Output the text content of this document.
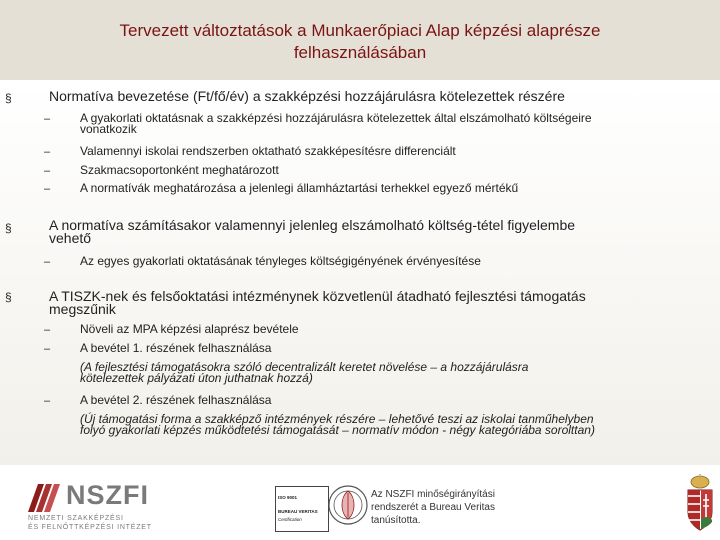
Tervezett változtatások a Munkaerőpiaci Alap képzési alaprésze
felhasználásában
§	Normatíva bevezetése (Ft/fő/év) a szakképzési hozzájárulásra kötelezettek részére
– A gyakorlati oktatásnak a szakképzési hozzájárulásra kötelezettek által elszámolható költségeire
vonatkozik
– Valamennyi iskolai rendszerben oktatható szakképesítésre differenciált
– Szakmacsoportonként meghatározott
– A normatívák meghatározása a jelenlegi államháztartási terhekkel egyező mértékű
§	A normatíva számításakor valamennyi jelenleg elszámolható költség-tétel figyelembe
vehető
– Az egyes gyakorlati oktatásának tényleges költségigényének érvényesítése
§	A TISZK-nek és felsőoktatási intézménynek közvetlenül átadható fejlesztési támogatás
megszűnik
– Növeli az MPA képzési alaprész bevétele
– A bevétel 1. részének felhasználása
(A fejlesztési támogatásokra szóló decentralizált keretet növelése – a hozzájárulásra
kötelezettek pályázati úton juthatnak hozzá)
– A bevétel 2. részének felhasználása
(Új támogatási forma a szakképző intézmények részére – lehetővé teszi az iskolai tanműhelyben
folyó gyakorlati képzés működtetési támogatását – normatív módon - négy kategóriába sorolttan)
NSZFI
NEMZETI SZAKKÉPZÉSI
ÉS FELNŐTTKÉPZÉSI INTÉZET
ISO 9001
BUREAU VERITAS
Certification
Az NSZFI minőségirányítási
rendszerét a Bureau Veritas
tanúsította.
